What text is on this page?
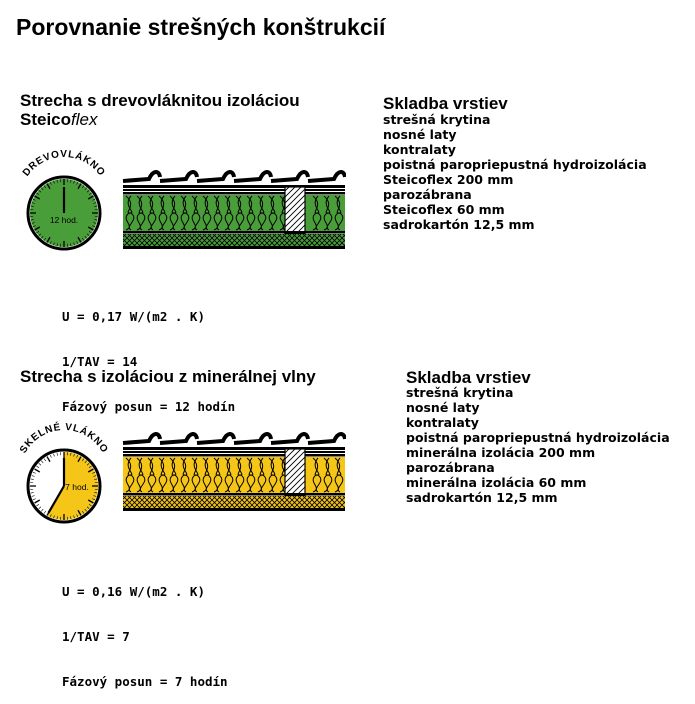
Porovnanie strešných konštrukcií
Strecha s drevovláknitou izoláciou
Steicoflex
DREVOVLÁKNO
12 hod.
Skladba vrstiev
strešná krytina
nosné laty
kontralaty
poistná paropriepustná hydroizolácia
Steicoflex 200 mm
parozábrana
Steicoflex 60 mm
sadrokartón 12,5 mm

U = 0,17 W/(m2 . K)

1/TAV = 14

Fázový posun = 12 hodín

Strecha s izoláciou z minerálnej vlny
SKELNÉ VLÁKNO
7 hod.
Skladba vrstiev
strešná krytina
nosné laty
kontralaty
poistná paropriepustná hydroizolácia
minerálna izolácia 200 mm
parozábrana
minerálna izolácia 60 mm
sadrokartón 12,5 mm

U = 0,16 W/(m2 . K)

1/TAV = 7

Fázový posun = 7 hodín
